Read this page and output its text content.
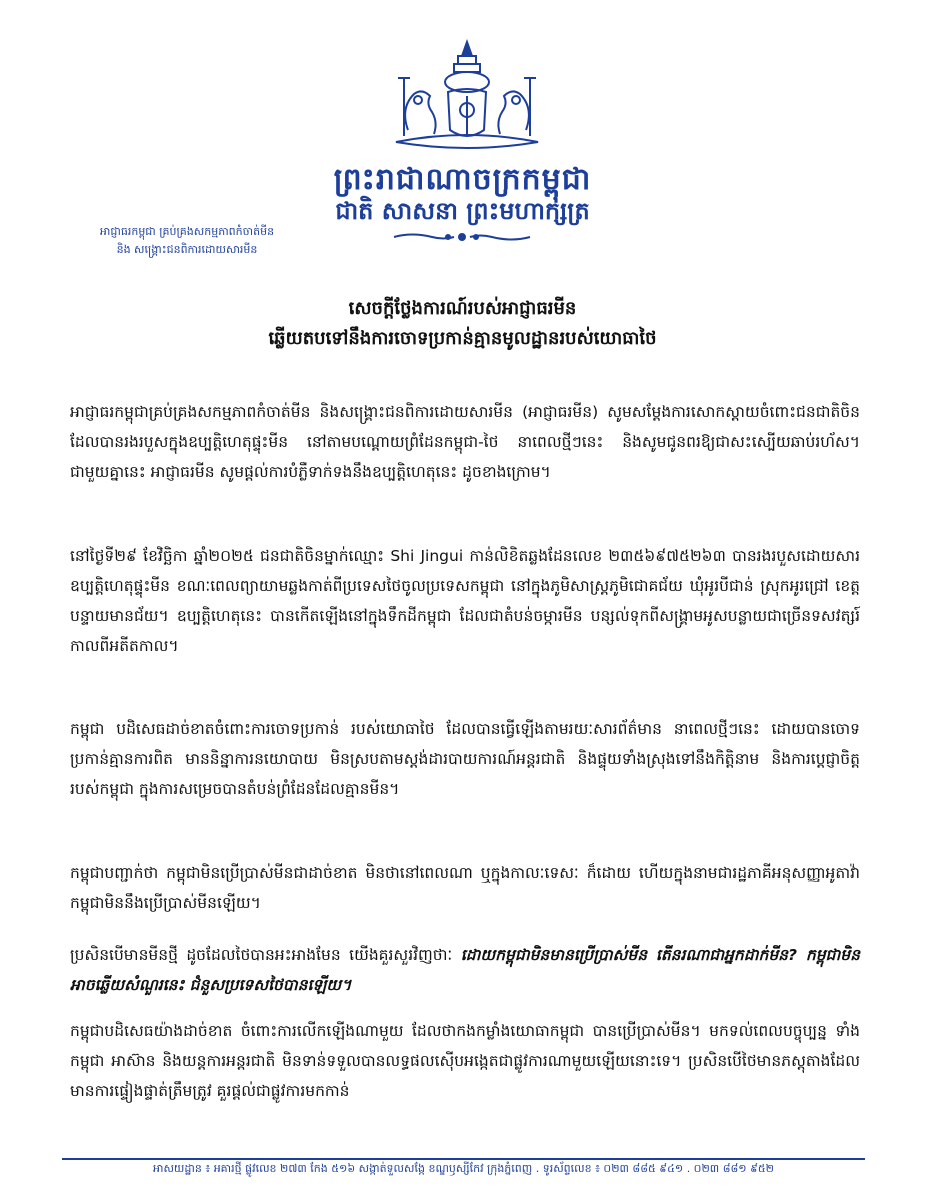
ព្រះរាជាណាចក្រកម្ពុជា
ជាតិ សាសនា ព្រះមហាក្សត្រ
អាជ្ញាធរកម្ពុជា គ្រប់គ្រងសកម្មភាពកំចាត់មីន
និង សង្គ្រោះជនពិការដោយសារមីន
សេចក្តីថ្លែងការណ៍របស់អាជ្ញាធរមីន
ឆ្លើយតបទៅនឹងការចោទប្រកាន់គ្មានមូលដ្ឋានរបស់យោធាថៃ
អាជ្ញាធរកម្ពុជាគ្រប់គ្រងសកម្មភាពកំចាត់មីន និងសង្គ្រោះជនពិការដោយសារមីន (អាជ្ញាធរមីន) សូមសម្តែងការសោកស្តាយចំពោះជនជាតិចិន ដែលបានរងរបួសក្នុងឧប្បត្តិហេតុផ្ទុះមីន នៅតាមបណ្តោយព្រំដែនកម្ពុជា-ថៃ នាពេលថ្មីៗនេះ និងសូមជូនពរឱ្យជាសះស្បើយឆាប់រហ័ស។ ជាមួយគ្នានេះ អាជ្ញាធរមីន សូមផ្តល់ការបំភ្លឺទាក់ទងនឹងឧប្បត្តិហេតុនេះ ដូចខាងក្រោម។
នៅថ្ងៃទី២៩ ខែវិច្ឆិកា ឆ្នាំ២០២៥ ជនជាតិចិនម្នាក់ឈ្មោះ Shi Jingui កាន់លិខិតឆ្លងដែនលេខ ២៣៥៦៩៧៥២៦៣ បានរងរបួសដោយសារឧប្បត្តិហេតុផ្ទុះមីន ខណៈពេលព្យាយាមឆ្លងកាត់ពីប្រទេសថៃចូលប្រទេសកម្ពុជា នៅក្នុងភូមិសាស្ត្រភូមិជោគជ័យ ឃុំអូរបីជាន់ ស្រុកអូរជ្រៅ ខេត្តបន្ទាយមានជ័យ។ ឧប្បត្តិហេតុនេះ បានកើតឡើងនៅក្នុងទឹកដីកម្ពុជា ដែលជាតំបន់ចម្ការមីន បន្សល់ទុកពីសង្គ្រាមអូសបន្លាយជាច្រើនទសវត្សរ៍ កាលពីអតីតកាល។
កម្ពុជា បដិសេធដាច់ខាតចំពោះការចោទប្រកាន់ របស់យោធាថៃ ដែលបានធ្វើឡើងតាមរយៈសារព័ត៌មាន នាពេលថ្មីៗនេះ ដោយបានចោទប្រកាន់គ្មានការពិត មាននិន្នាការនយោបាយ មិនស្របតាមស្តង់ដារបាយការណ៍អន្តរជាតិ និងផ្ទុយទាំងស្រុងទៅនឹងកិត្តិនាម និងការប្តេជ្ញាចិត្តរបស់កម្ពុជា ក្នុងការសម្រេចបានតំបន់ព្រំដែនដែលគ្មានមីន។
កម្ពុជាបញ្ជាក់ថា កម្ពុជាមិនប្រើប្រាស់មីនជាដាច់ខាត មិនថានៅពេលណា ឬក្នុងកាលៈទេសៈ ក៏ដោយ ហើយក្នុងនាមជារដ្ឋភាគីអនុសញ្ញាអូតាវ៉ា កម្ពុជាមិននឹងប្រើប្រាស់មីនឡើយ។
ប្រសិនបើមានមីនថ្មី ដូចដែលថៃបានអះអាងមែន យើងគួរសួរវិញថាៈ ដោយកម្ពុជាមិនមានប្រើប្រាស់មីន តើនរណាជាអ្នកដាក់មីន? កម្ពុជាមិនអាចឆ្លើយសំណួរនេះ ជំនួសប្រទេសថៃបានឡើយ។
កម្ពុជាបដិសេធយ៉ាងដាច់ខាត ចំពោះការលើកឡើងណាមួយ ដែលថាកងកម្លាំងយោធាកម្ពុជា បានប្រើប្រាស់មីន។ មកទល់ពេលបច្ចុប្បន្ន ទាំងកម្ពុជា អាស៊ាន និងយន្តការអន្តរជាតិ មិនទាន់ទទួលបានលទ្ធផលស៊ើបអង្កេតជាផ្លូវការណាមួយឡើយនោះទេ។ ប្រសិនបើថៃមានភស្តុតាងដែលមានការផ្ទៀងផ្ទាត់ត្រឹមត្រូវ គួរផ្តល់ជាផ្លូវការមកកាន់
អាសយដ្ឋាន ៖ អគារថ្មី ផ្លូវលេខ ២៧៣ កែង ៥១៦ សង្កាត់ទួលសង្កែ ខណ្ឌឫស្សីកែវ ក្រុងភ្នំពេញ . ទូរស័ព្ទលេខ ៖ ០២៣ ៨៨៥ ៩៤១ . ០២៣ ៨៨១ ៩៥២
